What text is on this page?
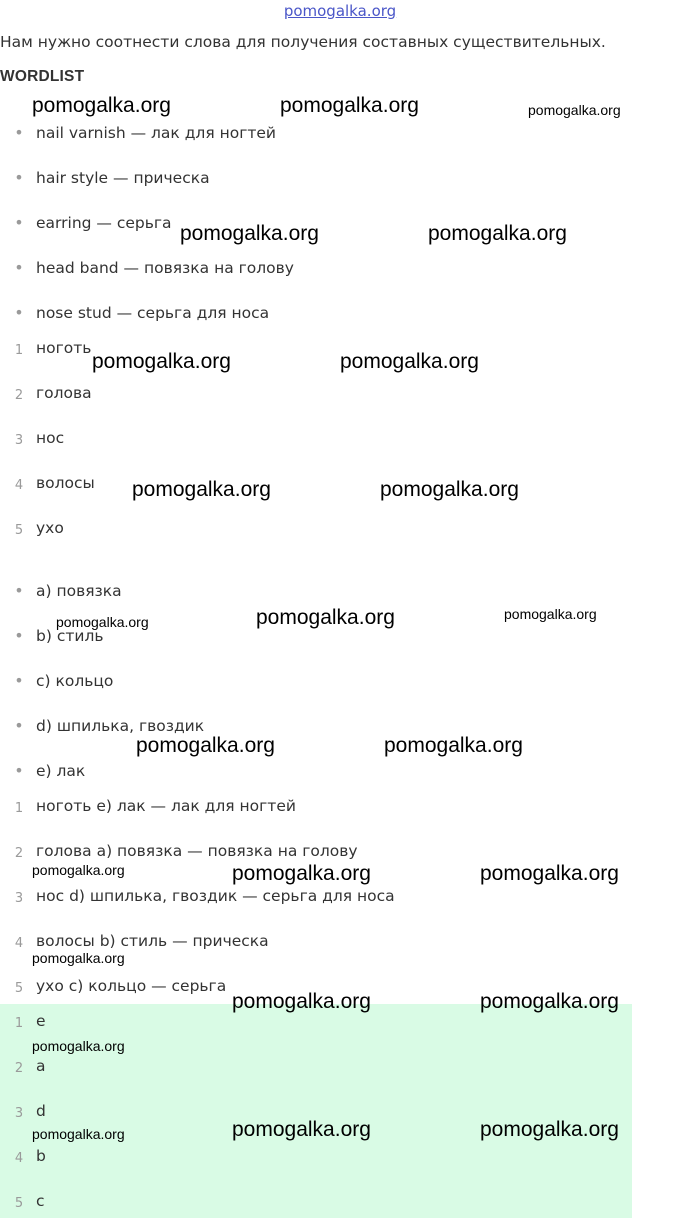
pomogalka.org
Нам нужно соотнести слова для получения составных существительных.
WORDLIST
• nail varnish — лак для ногтей
• hair style — прическа
• earring — серьга
• head band — повязка на голову
• nose stud — серьга для носа
1 ноготь
2 голова
3 нос
4 волосы
5 ухо
• a) повязка
• b) стиль
• c) кольцо
• d) шпилька, гвоздик
• e) лак
1 ноготь e) лак — лак для ногтей
2 голова a) повязка — повязка на голову
3 нос d) шпилька, гвоздик — серьга для носа
4 волосы b) стиль — прическа
5 ухо c) кольцо — серьга
1 e
2 a
3 d
4 b
5 c
pomogalka.org	pomogalka.org	pomogalka.org
pomogalka.org	pomogalka.org
pomogalka.org	pomogalka.org
pomogalka.org	pomogalka.org
pomogalka.org	pomogalka.org	pomogalka.org
pomogalka.org	pomogalka.org
pomogalka.org	pomogalka.org	pomogalka.org
pomogalka.org
pomogalka.org	pomogalka.org
pomogalka.org
pomogalka.org	pomogalka.org	pomogalka.org
